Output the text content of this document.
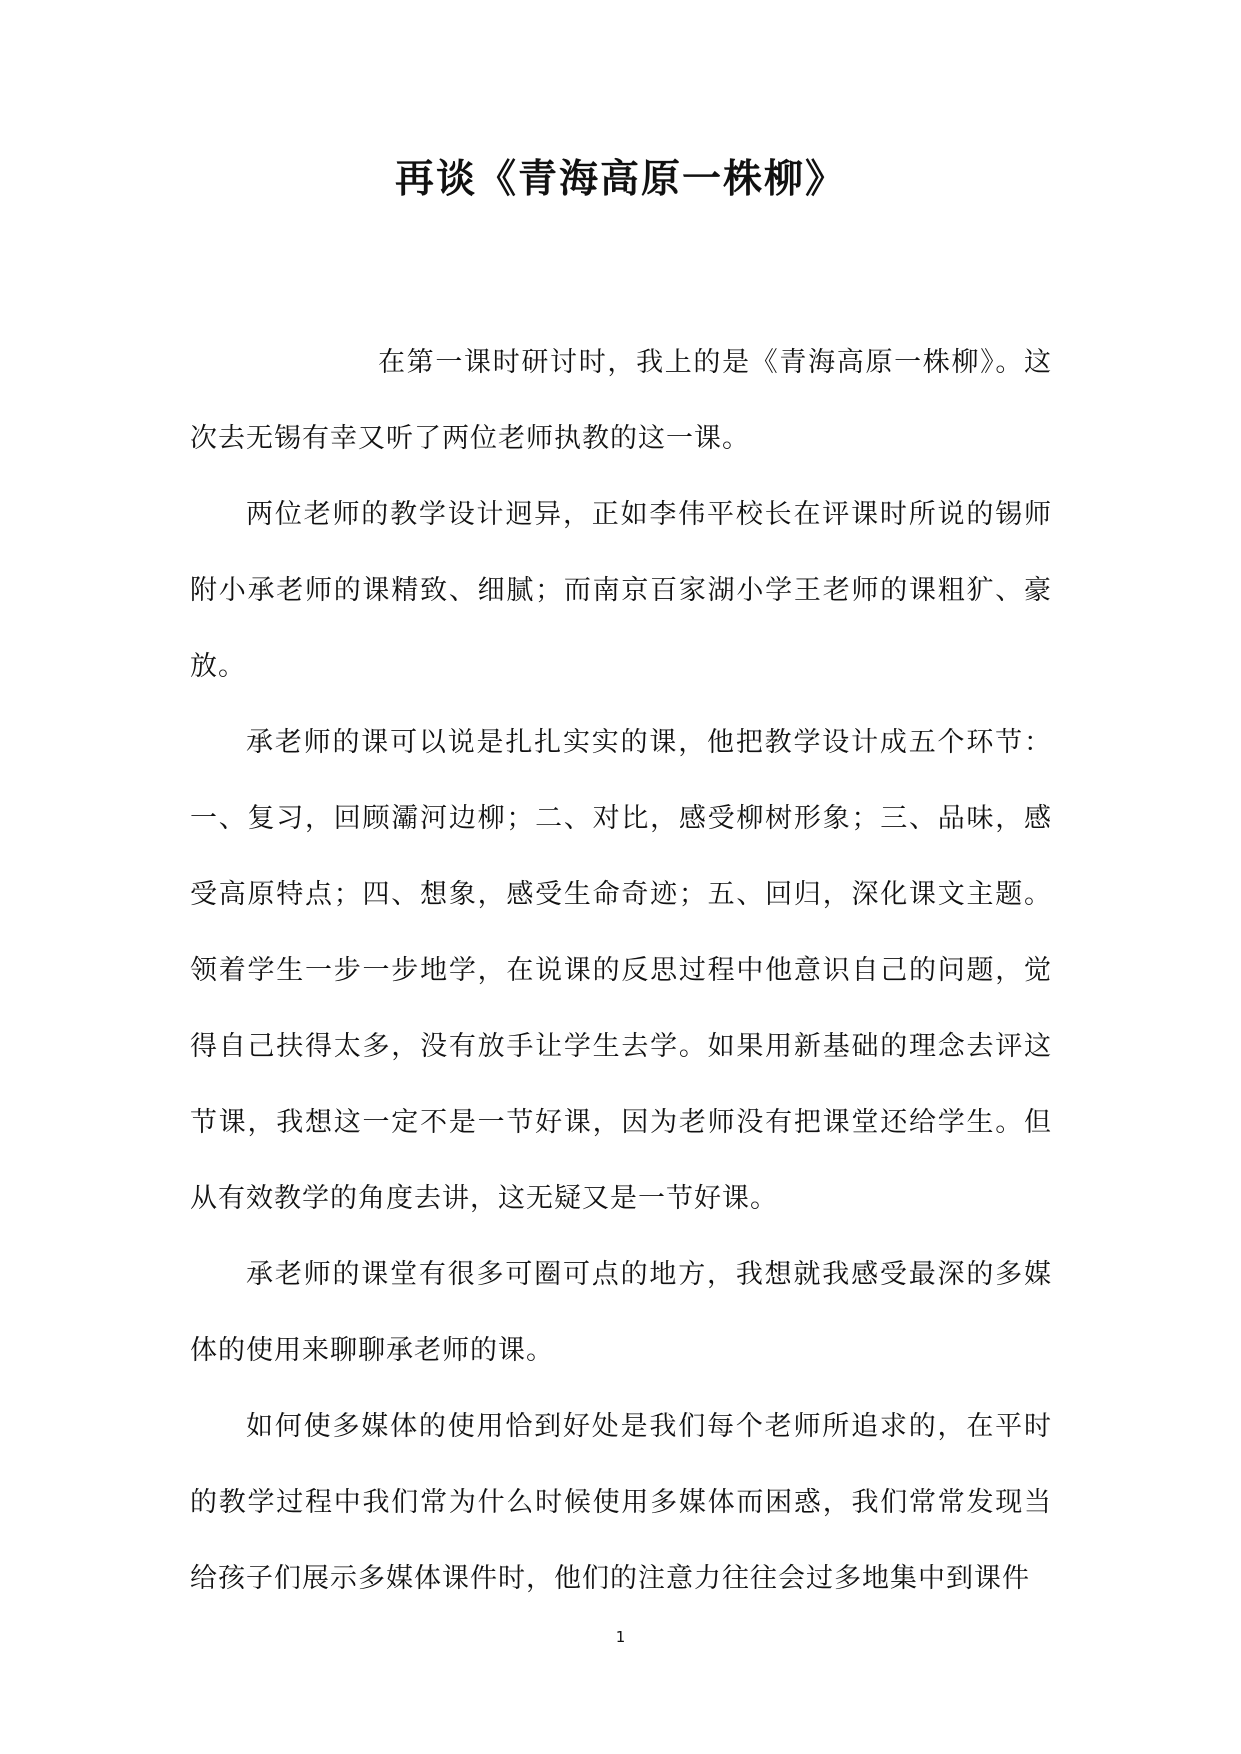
再谈《青海高原一株柳》

在第一课时研讨时，我上的是《青海高原一株柳》。这次去无锡有幸又听了两位老师执教的这一课。

两位老师的教学设计迥异，正如李伟平校长在评课时所说的锡师附小承老师的课精致、细腻；而南京百家湖小学王老师的课粗犷、豪放。

承老师的课可以说是扎扎实实的课，他把教学设计成五个环节：一、复习，回顾灞河边柳；二、对比，感受柳树形象；三、品味，感受高原特点；四、想象，感受生命奇迹；五、回归，深化课文主题。领着学生一步一步地学，在说课的反思过程中他意识自己的问题，觉得自己扶得太多，没有放手让学生去学。如果用新基础的理念去评这节课，我想这一定不是一节好课，因为老师没有把课堂还给学生。但从有效教学的角度去讲，这无疑又是一节好课。

承老师的课堂有很多可圈可点的地方，我想就我感受最深的多媒体的使用来聊聊承老师的课。

如何使多媒体的使用恰到好处是我们每个老师所追求的，在平时的教学过程中我们常为什么时候使用多媒体而困惑，我们常常发现当给孩子们展示多媒体课件时，他们的注意力往往会过多地集中到课件

1
